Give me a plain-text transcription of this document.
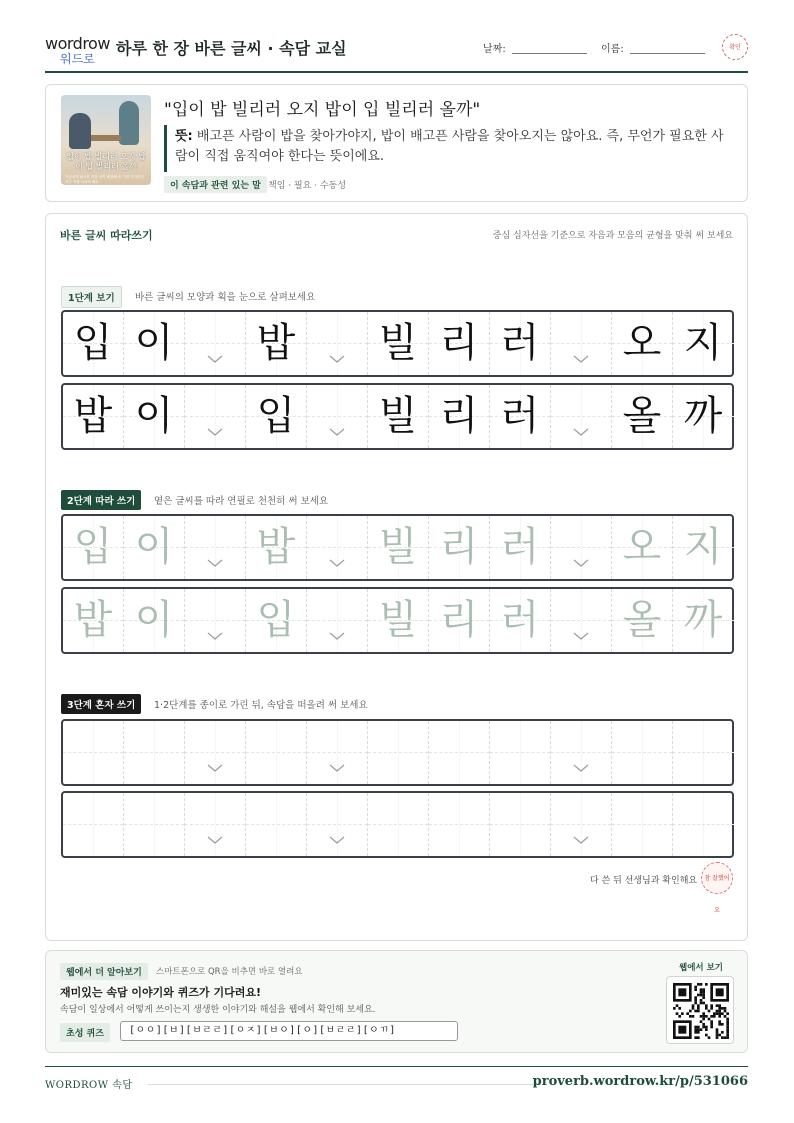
wordrow
워드로
하루 한 장 바른 글씨 · 속담 교실	날짜:	이름:	확인
입이 밥 빌리러 오지 밥이 입 빌리러 올까
자신에게 필요한 것을 남이 해결해 줄 거라 기다리기보다 직접 나서야 해요
"입이 밥 빌리러 오지 밥이 입 빌리러 올까"
뜻: 배고픈 사람이 밥을 찾아가야지, 밥이 배고픈 사람을 찾아오지는 않아요. 즉, 무언가 필요한 사람이 직접 움직여야 한다는 뜻이에요.
이 속담과 관련 있는 말 책임 · 필요 · 수동성
바른 글씨 따라쓰기	중심 십자선을 기준으로 자음과 모음의 균형을 맞춰 써 보세요
1단계 보기	바른 글씨의 모양과 획을 눈으로 살펴보세요
입 이 밥 빌 리 러 오 지
밥 이 입 빌 리 러 올 까
2단계 따라 쓰기	옅은 글씨를 따라 연필로 천천히 써 보세요
입 이 밥 빌 리 러 오 지
밥 이 입 빌 리 러 올 까
3단계 혼자 쓰기	1·2단계를 종이로 가린 뒤, 속담을 떠올려 써 보세요
다 쓴 뒤 선생님과 확인해요	참 잘했어요
웹에서 더 알아보기	스마트폰으로 QR을 비추면 바로 열려요
재미있는 속담 이야기와 퀴즈가 기다려요!
속담이 일상에서 어떻게 쓰이는지 생생한 이야기와 해설을 웹에서 확인해 보세요.
초성 퀴즈	[ㅇㅇ][ㅂ][ㅂㄹㄹ][ㅇㅈ][ㅂㅇ][ㅇ][ㅂㄹㄹ][ㅇㄲ]
웹에서 보기
WORDROW 속담	proverb.wordrow.kr/p/531066
